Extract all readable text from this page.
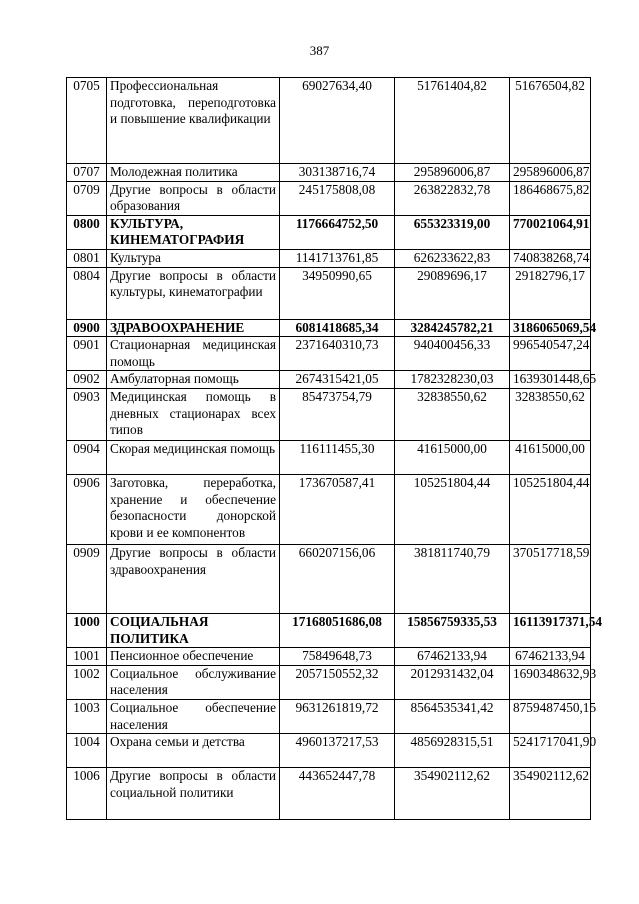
387
0705	Профессиональная подготовка, переподготовка и повышение квалификации	69027634,40	51761404,82	51676504,82
0707	Молодежная политика	303138716,74	295896006,87	295896006,87
0709	Другие вопросы в области образования	245175808,08	263822832,78	186468675,82
0800	КУЛЬТУРА, КИНЕМАТОГРАФИЯ	1176664752,50	655323319,00	770021064,91
0801	Культура	1141713761,85	626233622,83	740838268,74
0804	Другие вопросы в области культуры, кинематографии	34950990,65	29089696,17	29182796,17
0900	ЗДРАВООХРАНЕНИЕ	6081418685,34	3284245782,21	3186065069,54
0901	Стационарная медицинская помощь	2371640310,73	940400456,33	996540547,24
0902	Амбулаторная помощь	2674315421,05	1782328230,03	1639301448,65
0903	Медицинская помощь в дневных стационарах всех типов	85473754,79	32838550,62	32838550,62
0904	Скорая медицинская помощь	116111455,30	41615000,00	41615000,00
0906	Заготовка, переработка, хранение и обеспечение безопасности донорской крови и ее компонентов	173670587,41	105251804,44	105251804,44
0909	Другие вопросы в области здравоохранения	660207156,06	381811740,79	370517718,59
1000	СОЦИАЛЬНАЯ ПОЛИТИКА	17168051686,08	15856759335,53	16113917371,54
1001	Пенсионное обеспечение	75849648,73	67462133,94	67462133,94
1002	Социальное обслуживание населения	2057150552,32	2012931432,04	1690348632,93
1003	Социальное обеспечение населения	9631261819,72	8564535341,42	8759487450,15
1004	Охрана семьи и детства	4960137217,53	4856928315,51	5241717041,90
1006	Другие вопросы в области социальной политики	443652447,78	354902112,62	354902112,62
